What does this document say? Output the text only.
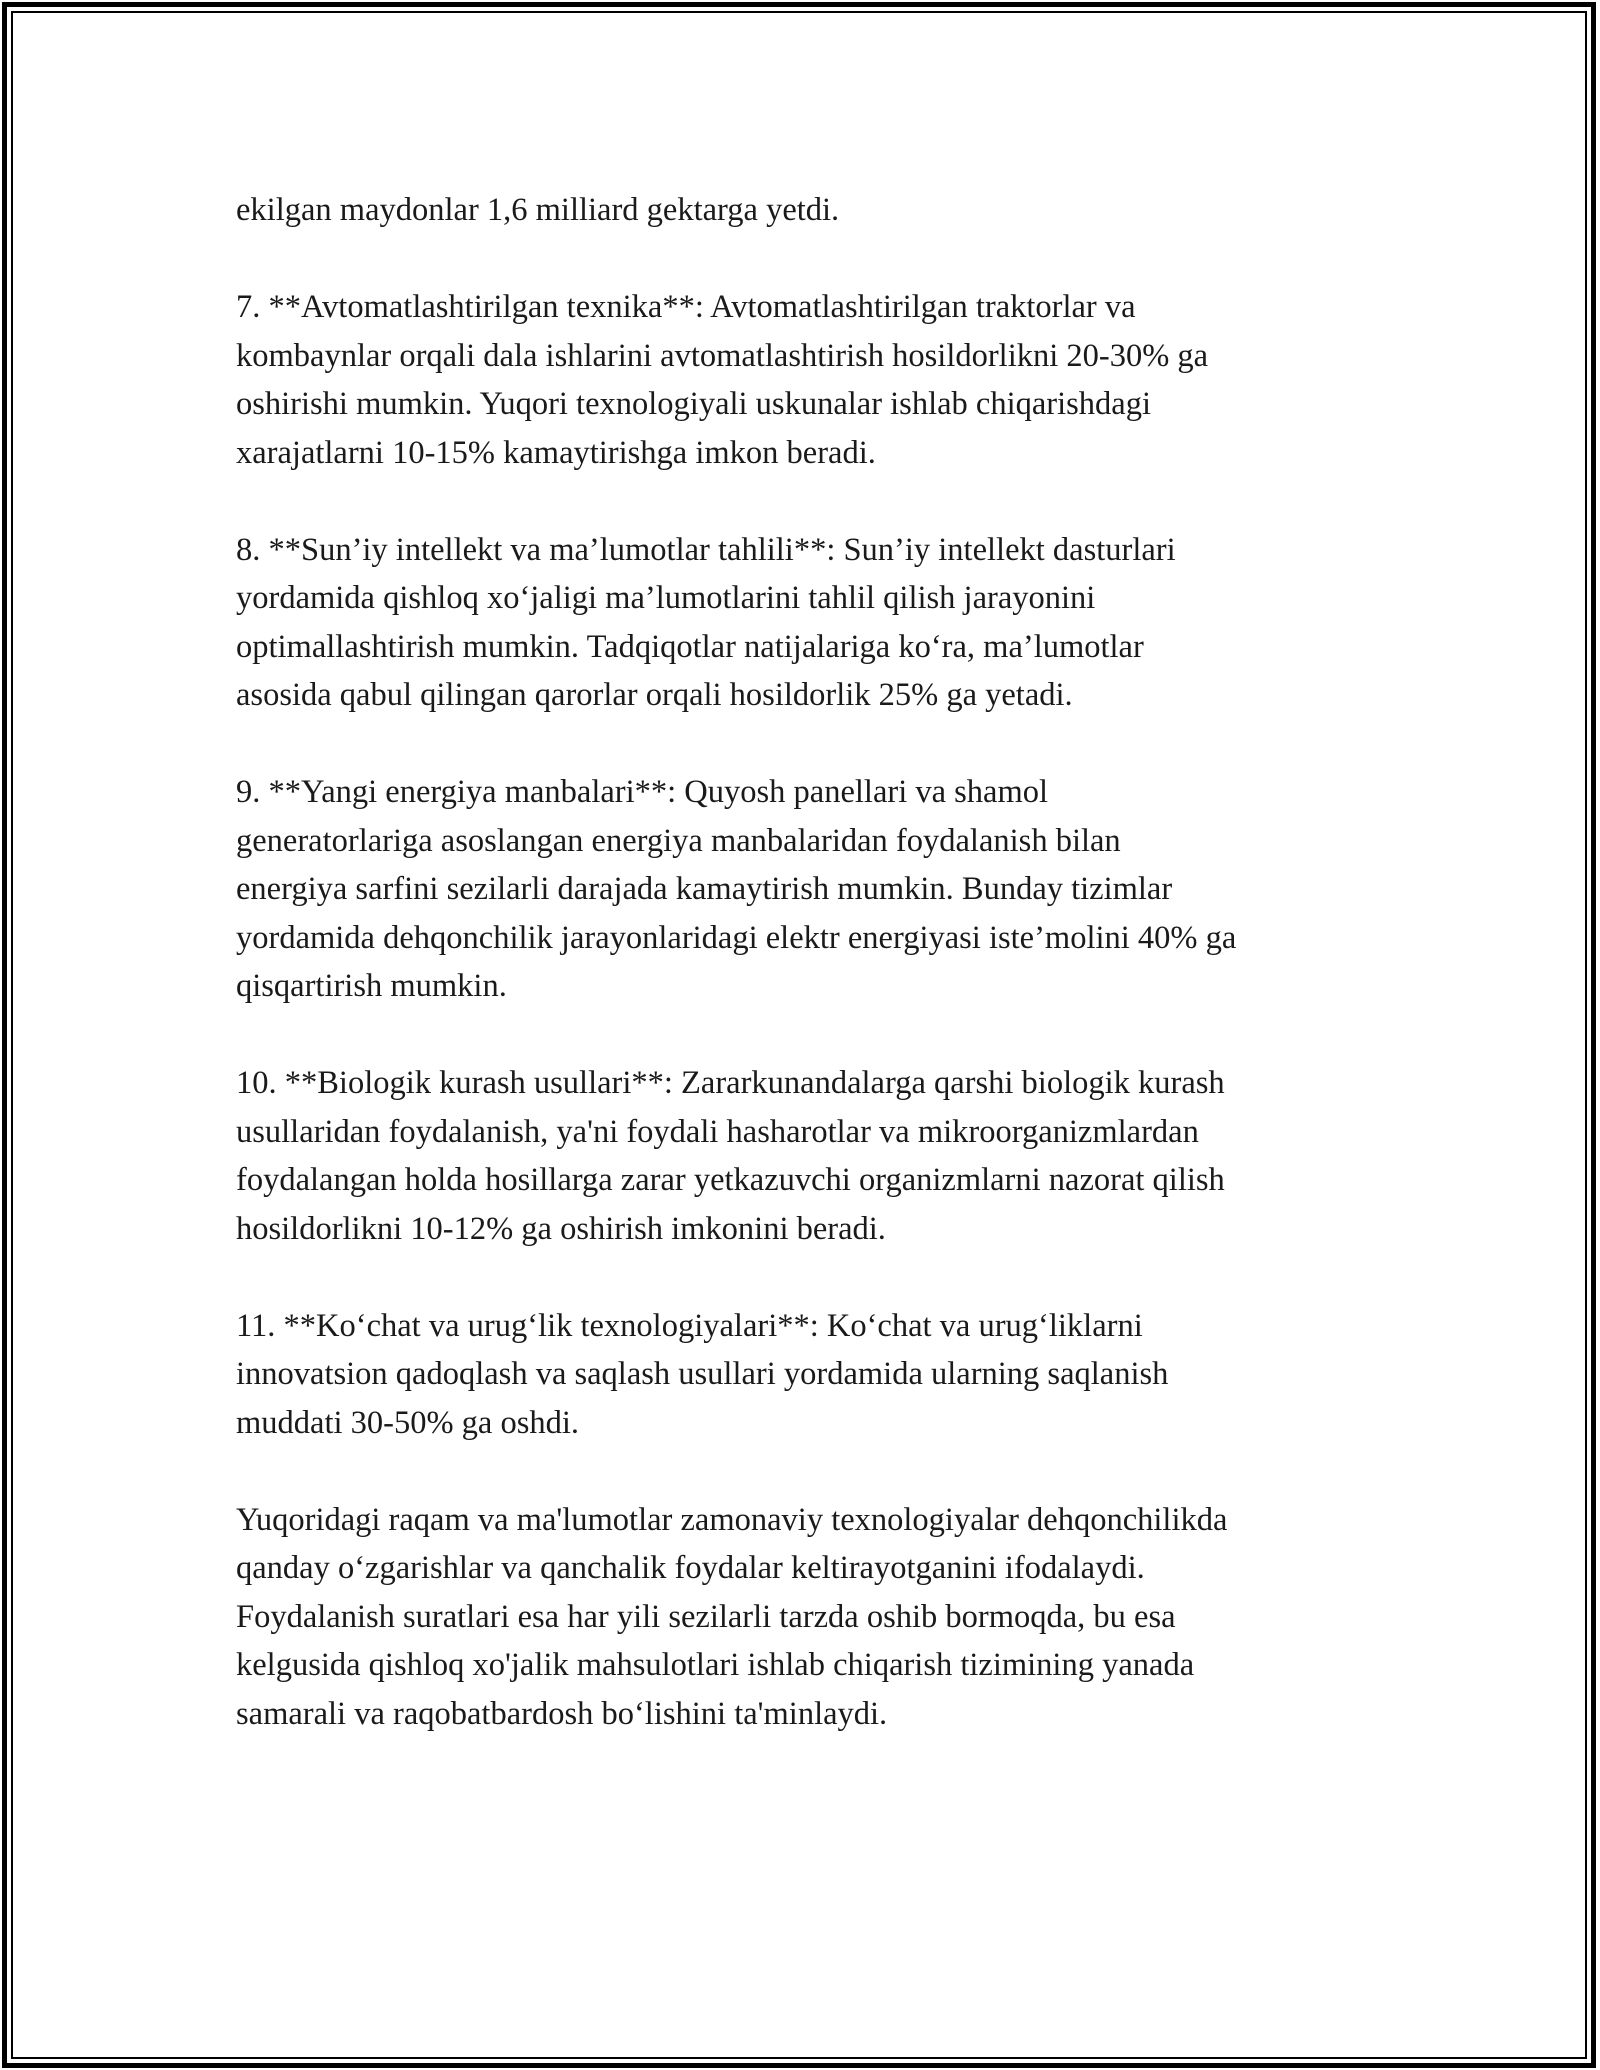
ekilgan maydonlar 1,6 milliard gektarga yetdi.

7. **Avtomatlashtirilgan texnika**: Avtomatlashtirilgan traktorlar va
kombaynlar orqali dala ishlarini avtomatlashtirish hosildorlikni 20-30% ga
oshirishi mumkin. Yuqori texnologiyali uskunalar ishlab chiqarishdagi
xarajatlarni 10-15% kamaytirishga imkon beradi.

8. **Sun’iy intellekt va ma’lumotlar tahlili**: Sun’iy intellekt dasturlari
yordamida qishloq xo‘jaligi ma’lumotlarini tahlil qilish jarayonini
optimallashtirish mumkin. Tadqiqotlar natijalariga ko‘ra, ma’lumotlar
asosida qabul qilingan qarorlar orqali hosildorlik 25% ga yetadi.

9. **Yangi energiya manbalari**: Quyosh panellari va shamol
generatorlariga asoslangan energiya manbalaridan foydalanish bilan
energiya sarfini sezilarli darajada kamaytirish mumkin. Bunday tizimlar
yordamida dehqonchilik jarayonlaridagi elektr energiyasi iste’molini 40% ga
qisqartirish mumkin.

10. **Biologik kurash usullari**: Zararkunandalarga qarshi biologik kurash
usullaridan foydalanish, ya'ni foydali hasharotlar va mikroorganizmlardan
foydalangan holda hosillarga zarar yetkazuvchi organizmlarni nazorat qilish
hosildorlikni 10-12% ga oshirish imkonini beradi.

11. **Ko‘chat va urug‘lik texnologiyalari**: Ko‘chat va urug‘liklarni
innovatsion qadoqlash va saqlash usullari yordamida ularning saqlanish
muddati 30-50% ga oshdi.

Yuqoridagi raqam va ma'lumotlar zamonaviy texnologiyalar dehqonchilikda
qanday o‘zgarishlar va qanchalik foydalar keltirayotganini ifodalaydi.
Foydalanish suratlari esa har yili sezilarli tarzda oshib bormoqda, bu esa
kelgusida qishloq xo'jalik mahsulotlari ishlab chiqarish tizimining yanada
samarali va raqobatbardosh bo‘lishini ta'minlaydi.
